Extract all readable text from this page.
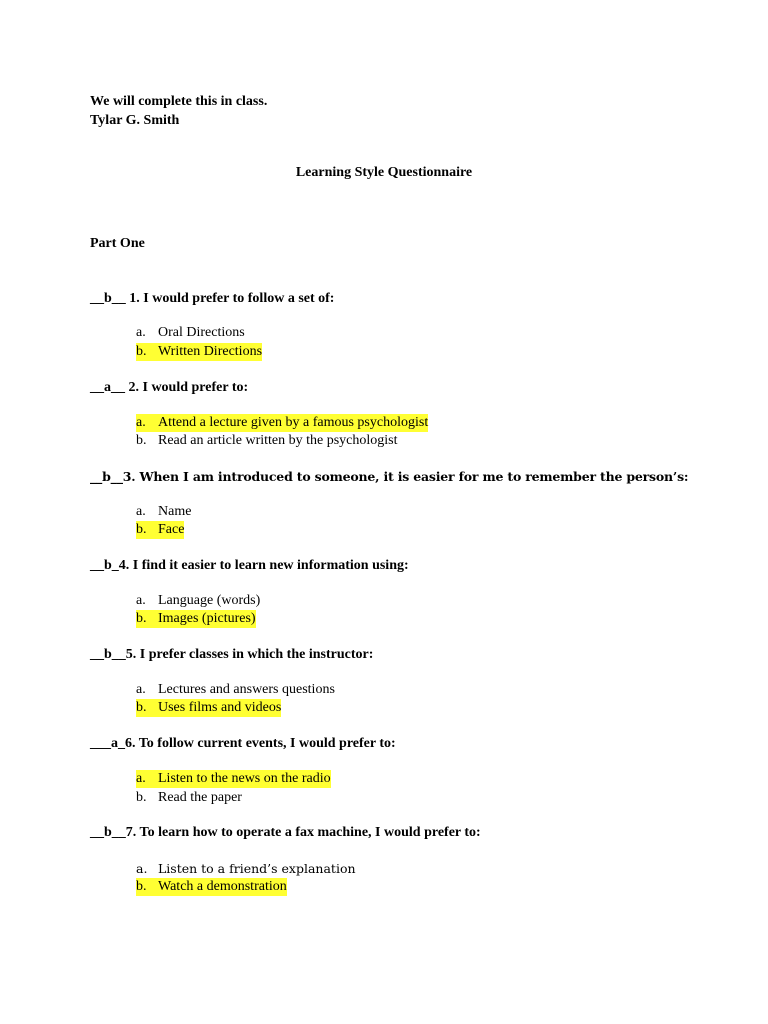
We will complete this in class.
Tylar G. Smith
Learning Style Questionnaire
Part One
__b__ 1. I would prefer to follow a set of:
a. Oral Directions
b. Written Directions
__a__ 2. I would prefer to:
a. Attend a lecture given by a famous psychologist
b. Read an article written by the psychologist
__b__3. When I am introduced to someone, it is easier for me to remember the person’s:
a. Name
b. Face
__b_4. I find it easier to learn new information using:
a. Language (words)
b. Images (pictures)
__b__5. I prefer classes in which the instructor:
a. Lectures and answers questions
b. Uses films and videos
___a_6. To follow current events, I would prefer to:
a. Listen to the news on the radio
b. Read the paper
__b__7. To learn how to operate a fax machine, I would prefer to:
a. Listen to a friend’s explanation
b. Watch a demonstration
